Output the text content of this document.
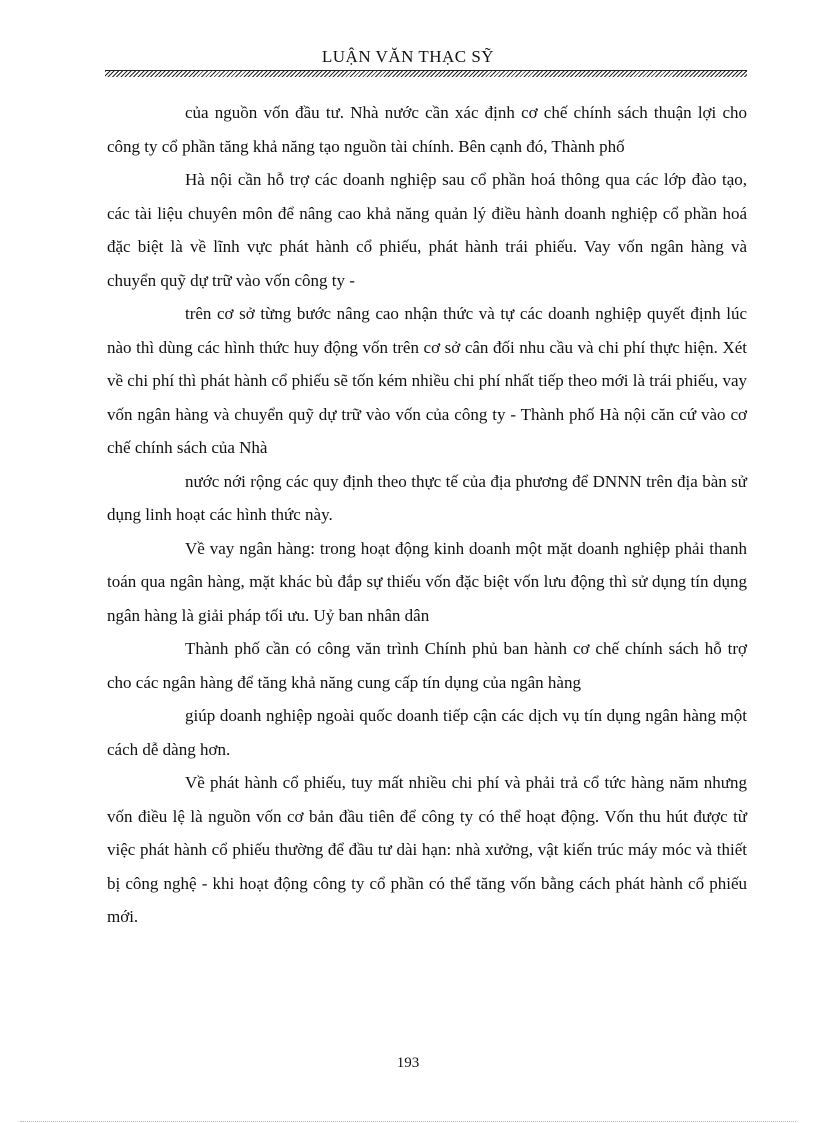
LUẬN VĂN THẠC SỸ

của nguồn vốn đầu tư. Nhà nước cần xác định cơ chế chính sách thuận lợi cho công ty cổ phần tăng khả năng tạo nguồn tài chính. Bên cạnh đó, Thành phố

Hà nội cần hỗ trợ các doanh nghiệp sau cổ phần hoá thông qua các lớp đào tạo, các tài liệu chuyên môn để nâng cao khả năng quản lý điều hành doanh nghiệp cổ phần hoá đặc biệt là về lĩnh vực phát hành cổ phiếu, phát hành trái phiếu. Vay vốn ngân hàng và chuyển quỹ dự trữ vào vốn công ty -

trên cơ sở từng bước nâng cao nhận thức và tự các doanh nghiệp quyết định lúc nào thì dùng các hình thức huy động vốn trên cơ sở cân đối nhu cầu và chi phí thực hiện. Xét về chi phí thì phát hành cổ phiếu sẽ tốn kém nhiều chi phí nhất tiếp theo mới là trái phiếu, vay vốn ngân hàng và chuyển quỹ dự trữ vào vốn của công ty - Thành phố Hà nội căn cứ vào cơ chế chính sách của Nhà

nước nới rộng các quy định theo thực tế của địa phương để DNNN trên địa bàn sử dụng linh hoạt các hình thức này.

Về vay ngân hàng: trong hoạt động kinh doanh một mặt doanh nghiệp phải thanh toán qua ngân hàng, mặt khác bù đắp sự thiếu vốn đặc biệt vốn lưu động thì sử dụng tín dụng ngân hàng là giải pháp tối ưu. Uỷ ban nhân dân

Thành phố cần có công văn trình Chính phủ ban hành cơ chế chính sách hỗ trợ cho các ngân hàng để tăng khả năng cung cấp tín dụng của ngân hàng

giúp doanh nghiệp ngoài quốc doanh tiếp cận các dịch vụ tín dụng ngân hàng một cách dễ dàng hơn.

Về phát hành cổ phiếu, tuy mất nhiều chi phí và phải trả cổ tức hàng năm nhưng vốn điều lệ là nguồn vốn cơ bản đầu tiên để công ty có thể hoạt động. Vốn thu hút được từ việc phát hành cổ phiếu thường để đầu tư dài hạn: nhà xưởng, vật kiến trúc máy móc và thiết bị công nghệ - khi hoạt động công ty cổ phần có thể tăng vốn bằng cách phát hành cổ phiếu mới.

193
